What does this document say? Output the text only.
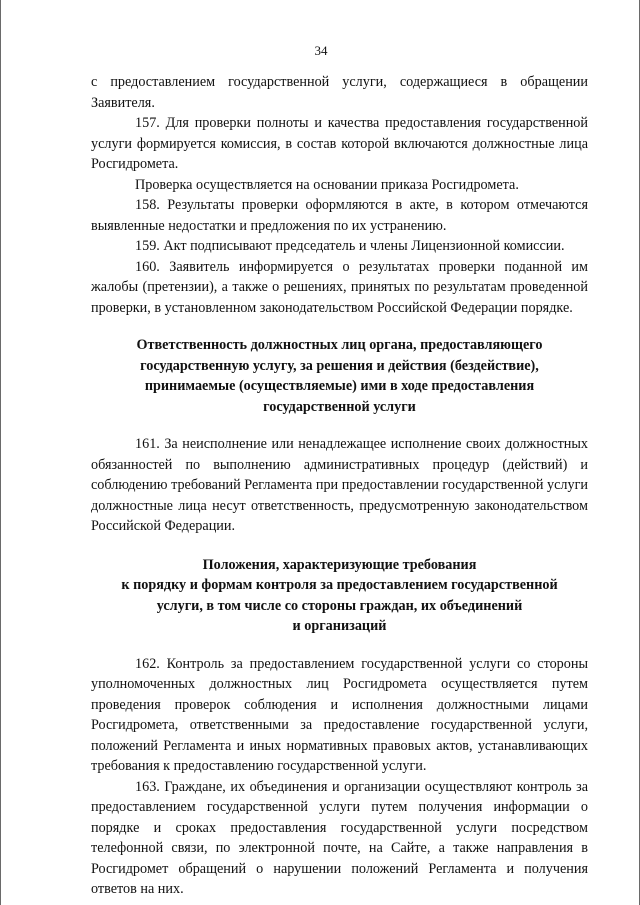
34

с предоставлением государственной услуги, содержащиеся в обращении Заявителя.

157. Для проверки полноты и качества предоставления государственной услуги формируется комиссия, в состав которой включаются должностные лица Росгидромета.

Проверка осуществляется на основании приказа Росгидромета.

158. Результаты проверки оформляются в акте, в котором отмечаются выявленные недостатки и предложения по их устранению.

159. Акт подписывают председатель и члены Лицензионной комиссии.

160. Заявитель информируется о результатах проверки поданной им жалобы (претензии), а также о решениях, принятых по результатам проведенной проверки, в установленном законодательством Российской Федерации порядке.

Ответственность должностных лиц органа, предоставляющего
государственную услугу, за решения и действия (бездействие),
принимаемые (осуществляемые) ими в ходе предоставления
государственной услуги

161. За неисполнение или ненадлежащее исполнение своих должностных обязанностей по выполнению административных процедур (действий) и соблюдению требований Регламента при предоставлении государственной услуги должностные лица несут ответственность, предусмотренную законодательством Российской Федерации.

Положения, характеризующие требования
к порядку и формам контроля за предоставлением государственной
услуги, в том числе со стороны граждан, их объединений
и организаций

162. Контроль за предоставлением государственной услуги со стороны уполномоченных должностных лиц Росгидромета осуществляется путем проведения проверок соблюдения и исполнения должностными лицами Росгидромета, ответственными за предоставление государственной услуги, положений Регламента и иных нормативных правовых актов, устанавливающих требования к предоставлению государственной услуги.

163. Граждане, их объединения и организации осуществляют контроль за предоставлением государственной услуги путем получения информации о порядке и сроках предоставления государственной услуги посредством телефонной связи, по электронной почте, на Сайте, а также направления в Росгидромет обращений о нарушении положений Регламента и получения ответов на них.
